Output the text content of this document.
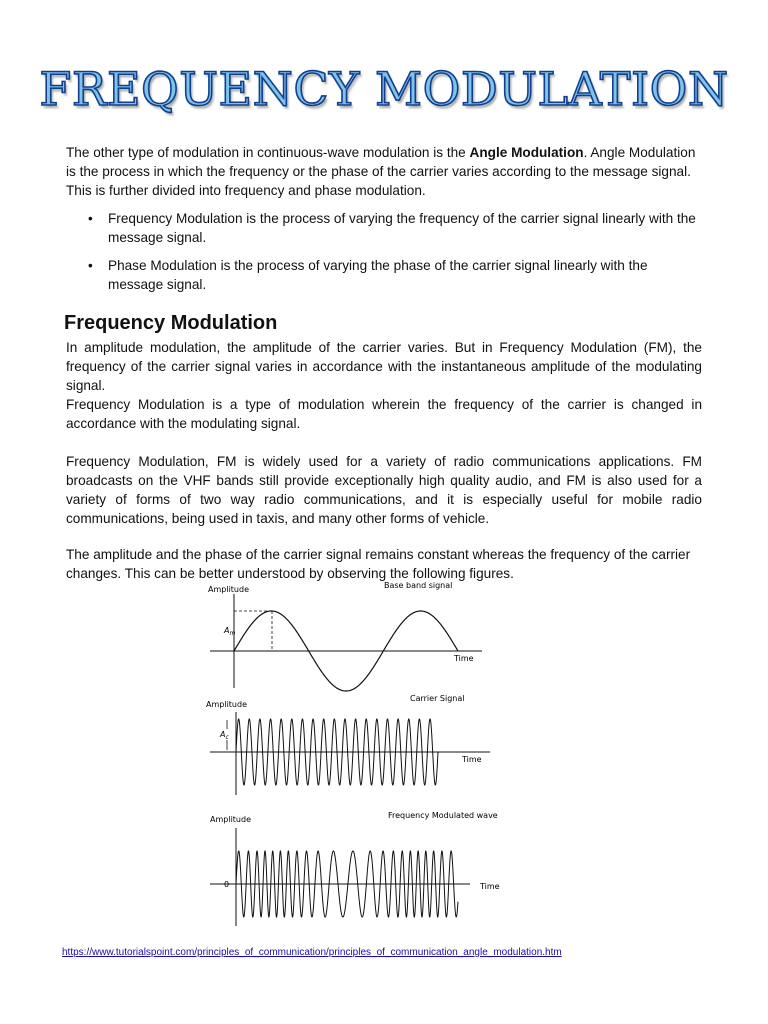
FREQUENCY MODULATION
The other type of modulation in continuous-wave modulation is the Angle Modulation. Angle Modulation is the process in which the frequency or the phase of the carrier varies according to the message signal. This is further divided into frequency and phase modulation.
• Frequency Modulation is the process of varying the frequency of the carrier signal linearly with the message signal.
• Phase Modulation is the process of varying the phase of the carrier signal linearly with the message signal.
Frequency Modulation
In amplitude modulation, the amplitude of the carrier varies. But in Frequency Modulation (FM), the frequency of the carrier signal varies in accordance with the instantaneous amplitude of the modulating signal.
Frequency Modulation is a type of modulation wherein the frequency of the carrier is changed in accordance with the modulating signal.
Frequency Modulation, FM is widely used for a variety of radio communications applications. FM broadcasts on the VHF bands still provide exceptionally high quality audio, and FM is also used for a variety of forms of two way radio communications, and it is especially useful for mobile radio communications, being used in taxis, and many other forms of vehicle.
The amplitude and the phase of the carrier signal remains constant whereas the frequency of the carrier changes. This can be better understood by observing the following figures.
Amplitude	Base band signal
$A_m$
Time
Amplitude
Carrier Signal
$A_c$
Time
Amplitude	Frequency Modulated wave
0	Time
https://www.tutorialspoint.com/principles_of_communication/principles_of_communication_angle_modulation.htm
